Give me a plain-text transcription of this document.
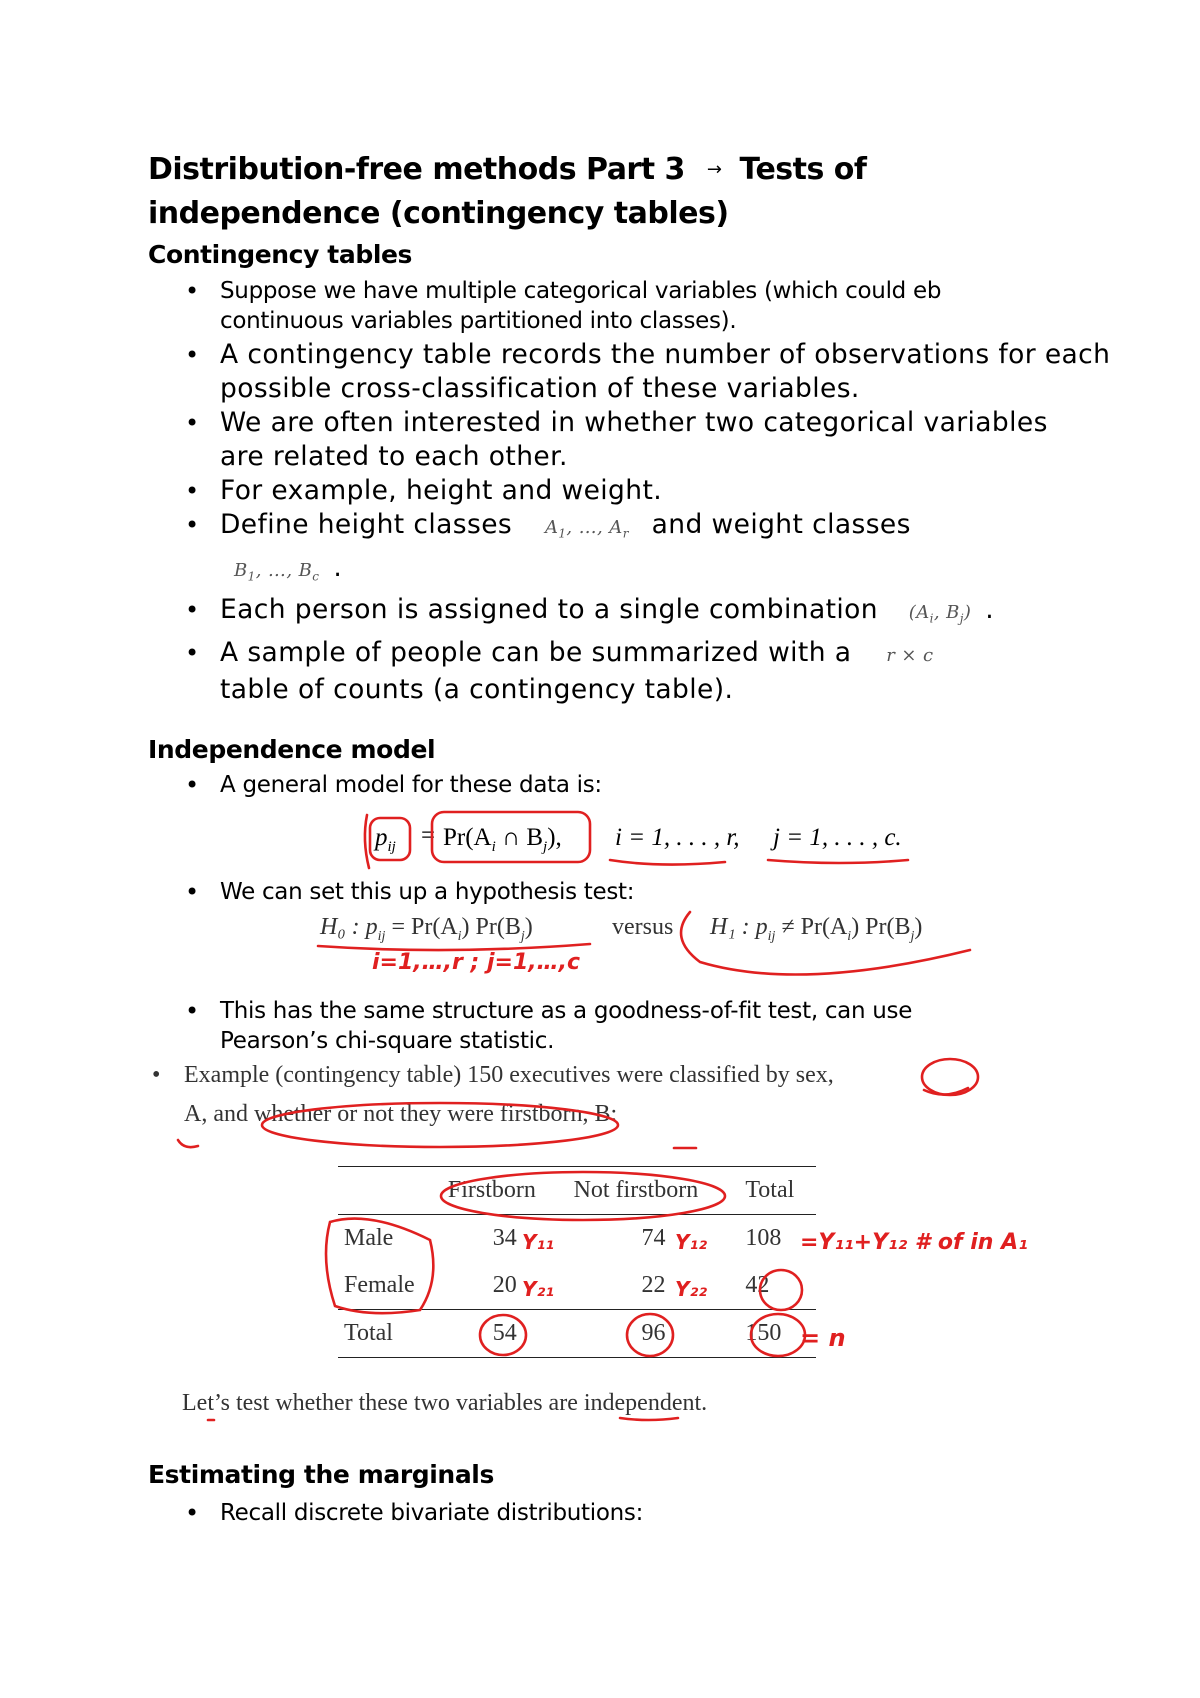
Distribution-free methods Part 3 → Tests of independence (contingency tables)
Contingency tables
• Suppose we have multiple categorical variables (which could eb continuous variables partitioned into classes).
• A contingency table records the number of observations for each possible cross-classification of these variables.
• We are often interested in whether two categorical variables are related to each other.
• For example, height and weight.
• Define height classes $A_1$, …, $A_r$ and weight classes
$B_1$, …, $B_c$ .
• Each person is assigned to a single combination ($A_i$, $B_j$) .
• A sample of people can be summarized with a r × c
table of counts (a contingency table).
Independence model
• A general model for these data is:
$p_{ij} = Pr(A_i$ ∩ $B_j$), i = 1, . . . , r, j = 1, . . . , c.
• We can set this up a hypothesis test:
H₀ : $p_{ij} = Pr(A_i)$ $Pr(B_j)$	versus H₁ : $p_{ij} \ne Pr(A_i)$ $Pr(B_j)$
i=1,…,r ; j=1,…,c
• This has the same structure as a goodness-of-fit test, can use Pearson’s chi-square statistic.
• Example (contingency table) 150 executives were classified by sex,
A, and whether or not they were firstborn, B:
	Firstborn	Not firstborn	Total
Male	34	74	108
Female	20	22	42
Total	54	96	150
Y₁₁	Y₁₂
Y₂₁	Y₂₂
=Y₁₁+Y₁₂ # of in A₁
= n
Let’s test whether these two variables are independent.
Estimating the marginals
• Recall discrete bivariate distributions:
